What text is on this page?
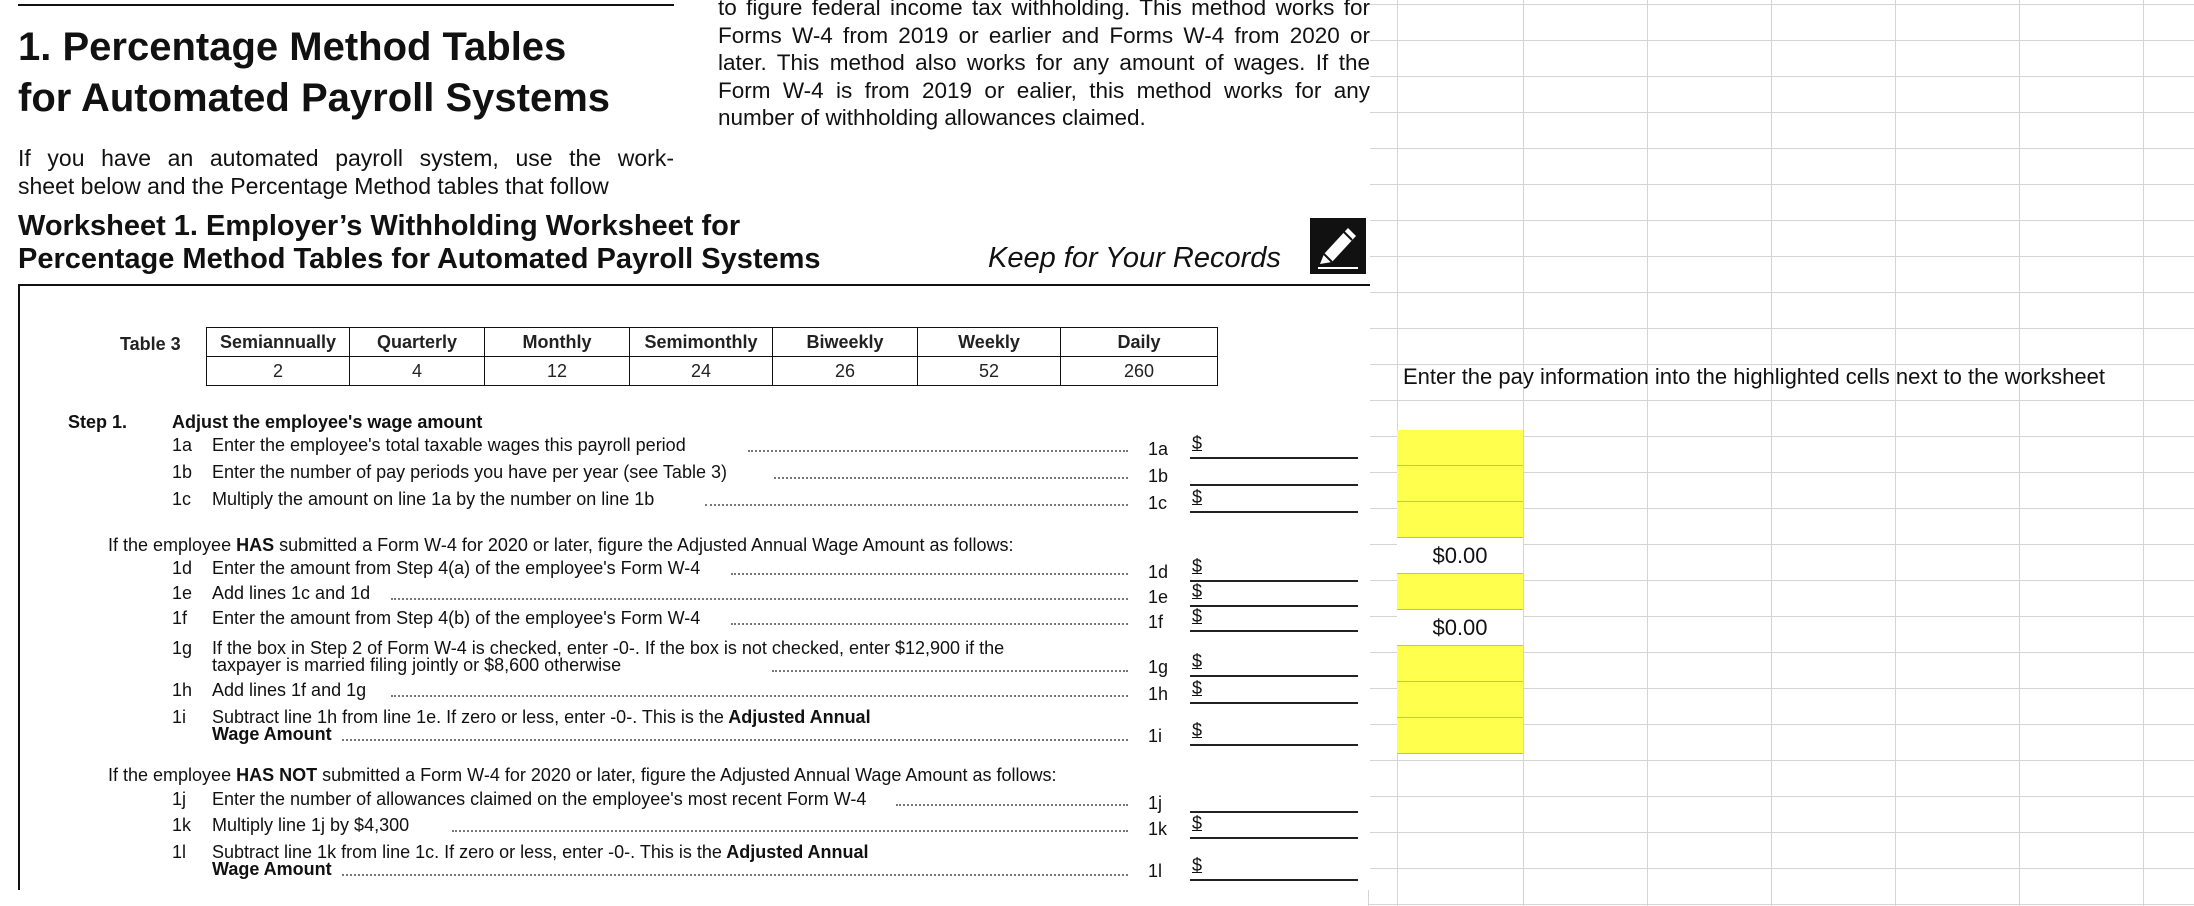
1. Percentage Method Tables
for Automated Payroll Systems
If you have an automated payroll system, use the work-
sheet below and the Percentage Method tables that follow
to figure federal income tax withholding. This method works for Forms W-4 from 2019 or earlier and Forms W-4 from 2020 or later. This method also works for any amount of wages. If the Form W-4 is from 2019 or ealier, this method works for any number of withholding allowances claimed.
Worksheet 1. Employer’s Withholding Worksheet for
Percentage Method Tables for Automated Payroll Systems	Keep for Your Records
Table 3 Semiannually	Quarterly	Monthly	Semimonthly	Biweekly	Weekly	Daily
2	4	12	24	26	52	260
Step 1. Adjust the employee's wage amount
1a Enter the employee's total taxable wages this payroll period	1a $
1b Enter the number of pay periods you have per year (see Table 3)	1b
1c Multiply the amount on line 1a by the number on line 1b	1c $
1d Enter the amount from Step 4(a) of the employee's Form W-4	1d $
1e Add lines 1c and 1d	1e $
1f Enter the amount from Step 4(b) of the employee's Form W-4	1f $
1g If the box in Step 2 of Form W-4 is checked, enter -0-. If the box is not checked, enter $12,900 if the
taxpayer is married filing jointly or $8,600 otherwise	1g $
1h Add lines 1f and 1g	1h $
1i Subtract line 1h from line 1e. If zero or less, enter -0-. This is the Adjusted Annual
Wage Amount	1i $
1j Enter the number of allowances claimed on the employee's most recent Form W-4	1j
1k Multiply line 1j by $4,300	1k $
1l Subtract line 1k from line 1c. If zero or less, enter -0-. This is the Adjusted Annual
Wage Amount	1l $
If the employee HAS submitted a Form W-4 for 2020 or later, figure the Adjusted Annual Wage Amount as follows:
If the employee HAS NOT submitted a Form W-4 for 2020 or later, figure the Adjusted Annual Wage Amount as follows:
Enter the pay information into the highlighted cells next to the worksheet
$0.00
$0.00
